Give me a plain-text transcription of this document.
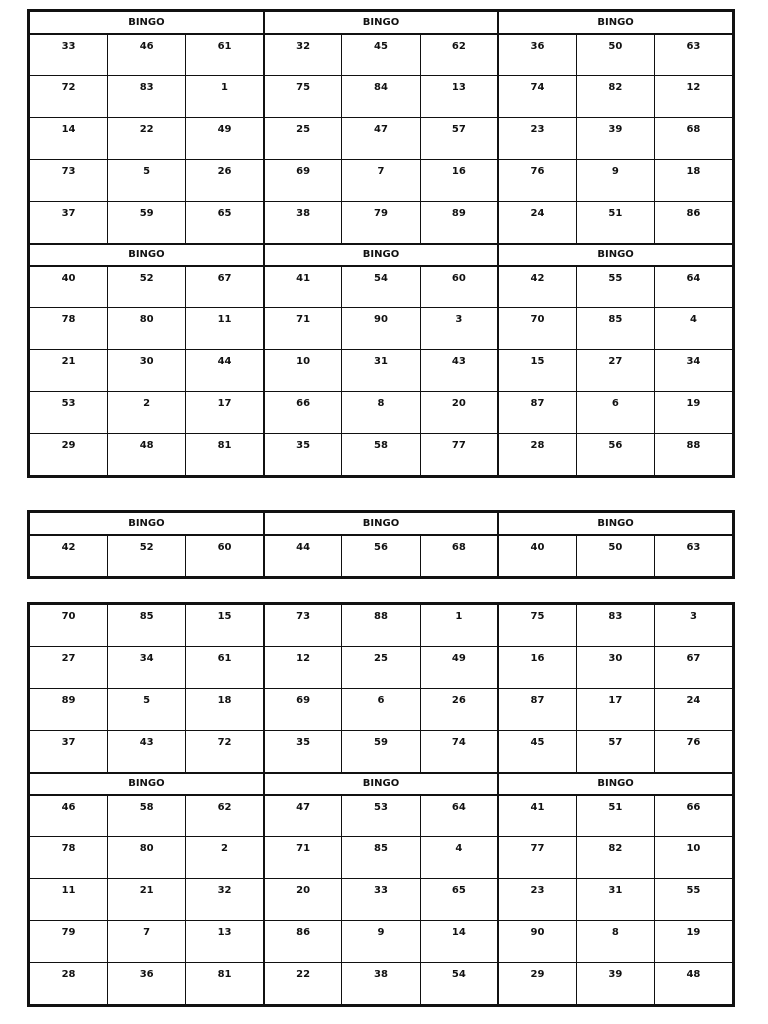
BINGO			BINGO			BINGO		
33	46	61	32	45	62	36	50	63
72	83	1	75	84	13	74	82	12
14	22	49	25	47	57	23	39	68
73	5	26	69	7	16	76	9	18
37	59	65	38	79	89	24	51	86
BINGO			BINGO			BINGO		
40	52	67	41	54	60	42	55	64
78	80	11	71	90	3	70	85	4
21	30	44	10	31	43	15	27	34
53	2	17	66	8	20	87	6	19
29	48	81	35	58	77	28	56	88
BINGO			BINGO			BINGO		
42	52	60	44	56	68	40	50	63
70	85	15	73	88	1	75	83	3
27	34	61	12	25	49	16	30	67
89	5	18	69	6	26	87	17	24
37	43	72	35	59	74	45	57	76
BINGO			BINGO			BINGO		
46	58	62	47	53	64	41	51	66
78	80	2	71	85	4	77	82	10
11	21	32	20	33	65	23	31	55
79	7	13	86	9	14	90	8	19
28	36	81	22	38	54	29	39	48
